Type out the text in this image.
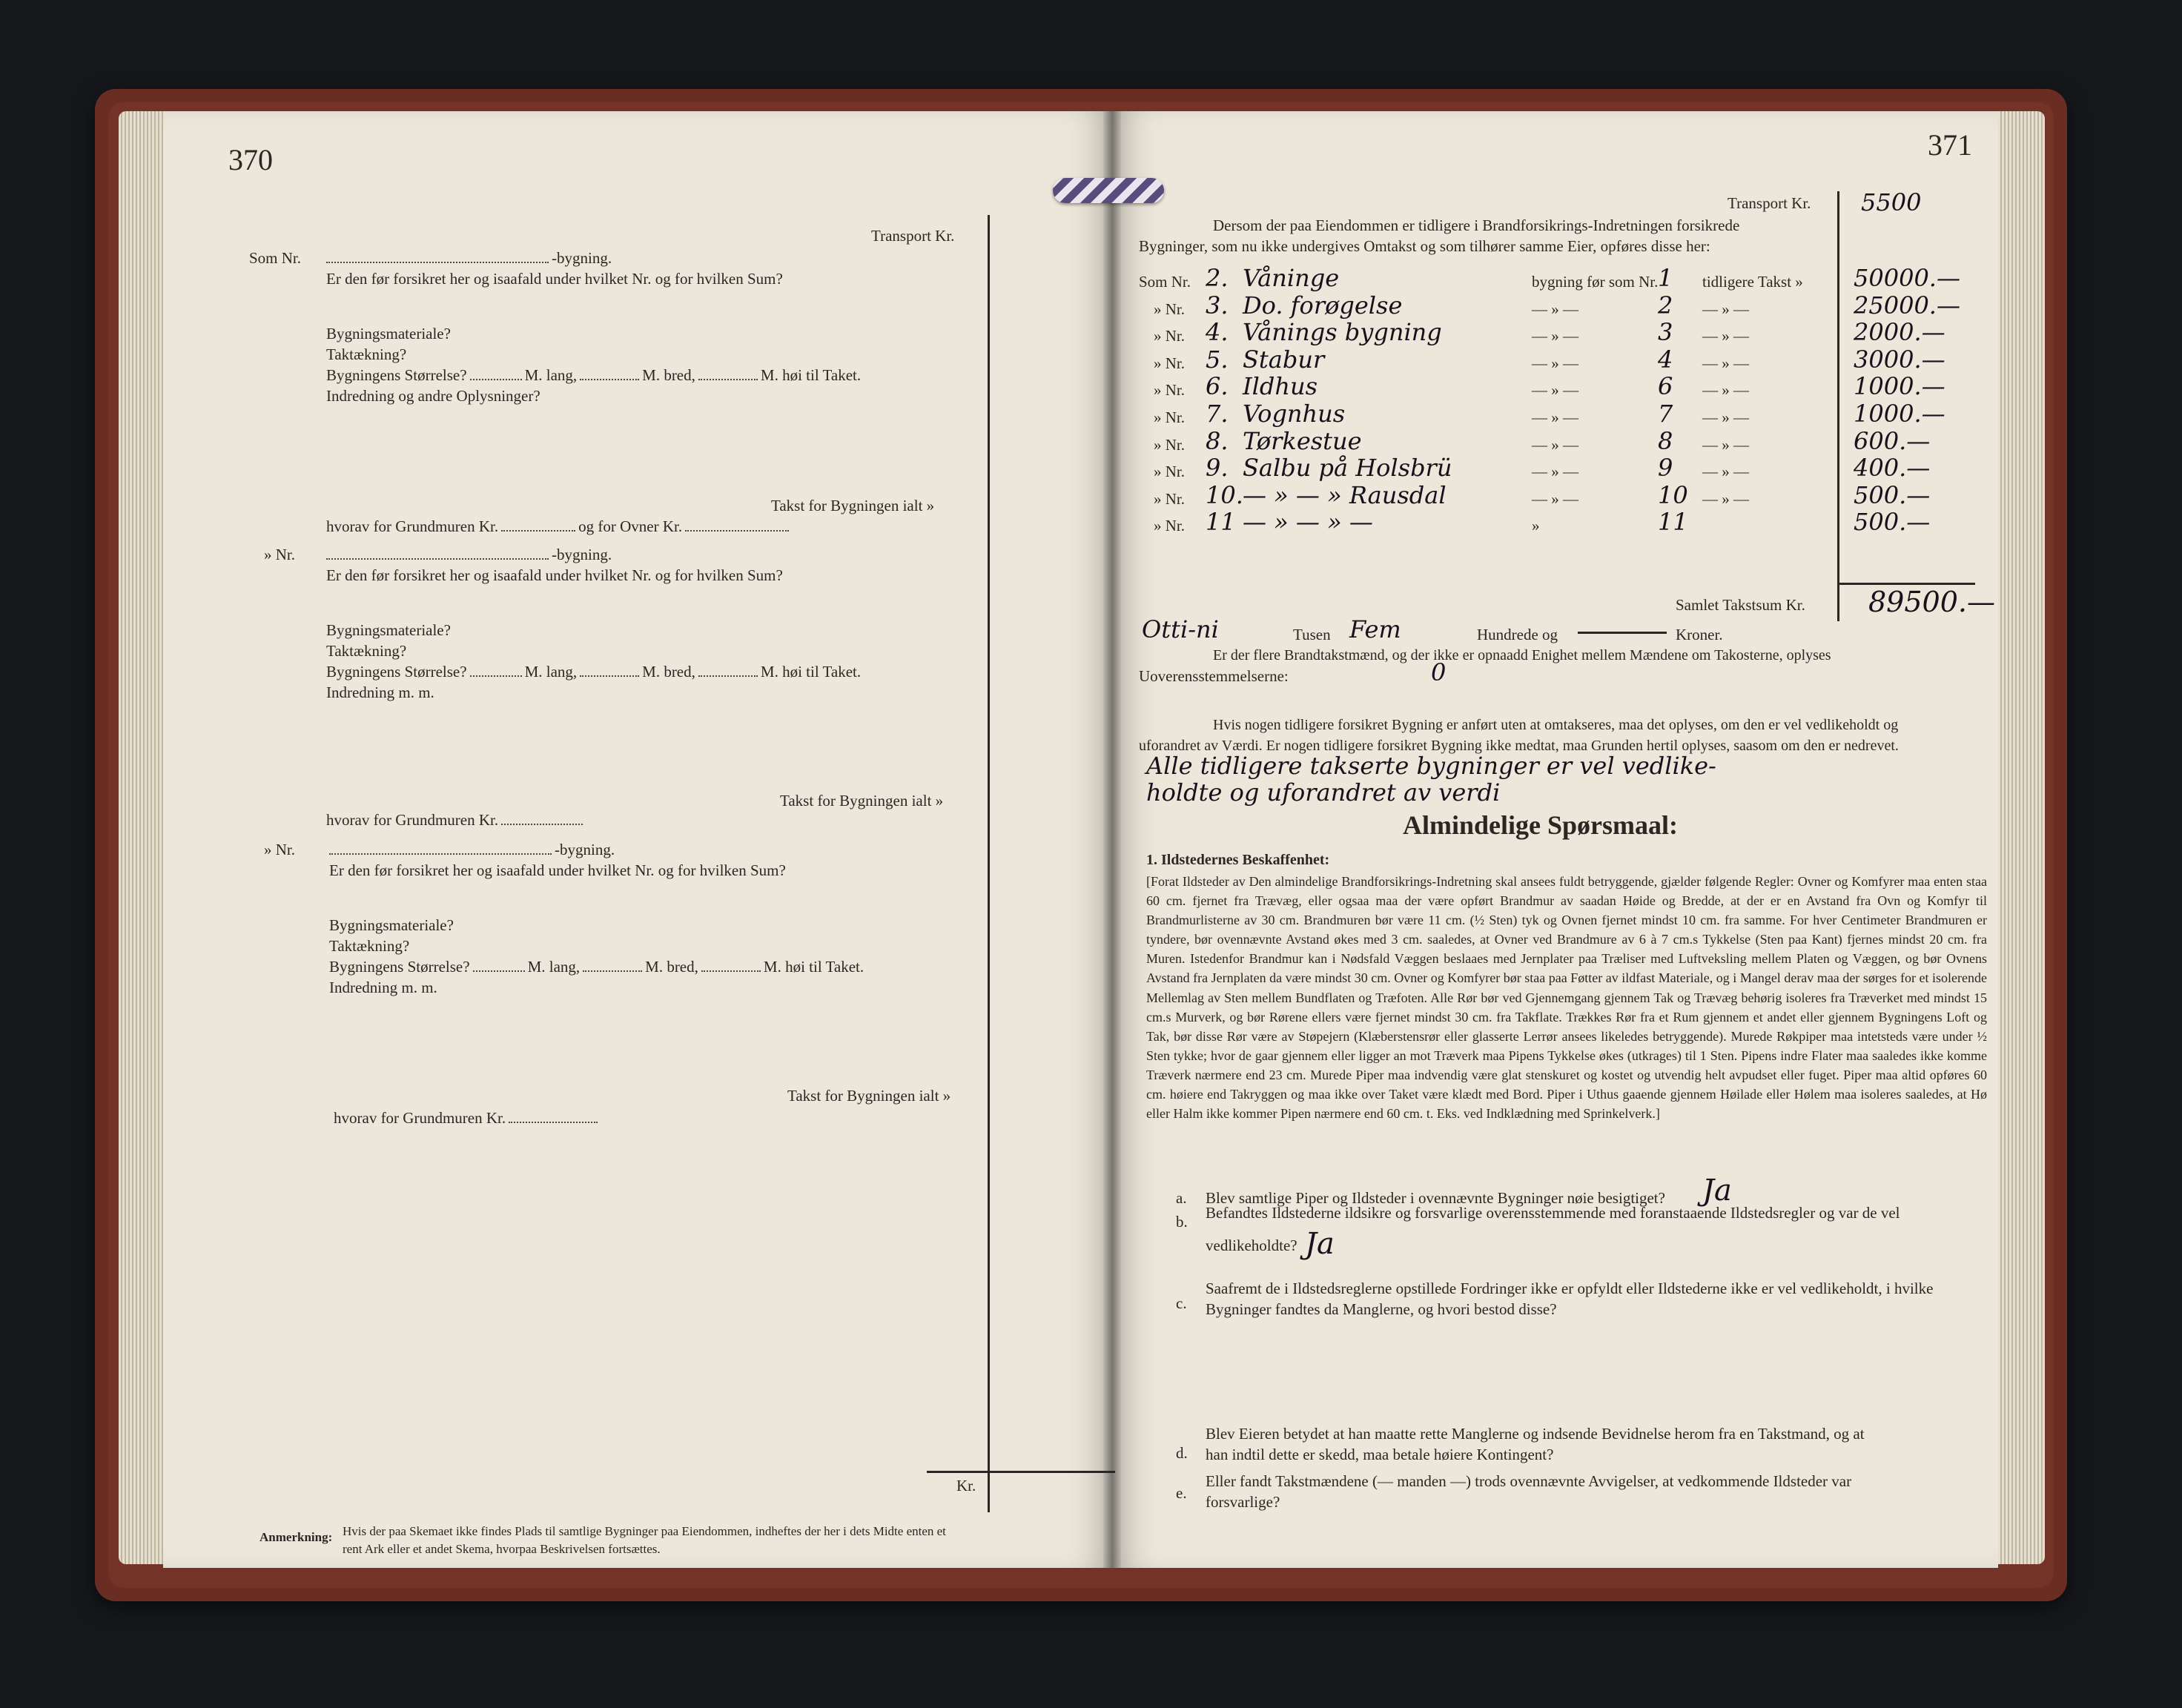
370
Transport Kr.
Som Nr.	-bygning.
Er den før forsikret her og isaafald under hvilket Nr. og for hvilken Sum?
Bygningsmateriale?
Taktækning?
Bygningens Størrelse?	M. lang,	M. bred,	M. høi til Taket.
Indredning og andre Oplysninger?
Takst for Bygningen ialt »
hvorav for Grundmuren Kr.	og for Ovner Kr.
» Nr.	-bygning.
Er den før forsikret her og isaafald under hvilket Nr. og for hvilken Sum?
Bygningsmateriale?
Taktækning?
Bygningens Størrelse?	M. lang,	M. bred,	M. høi til Taket.
Indredning m. m.
Takst for Bygningen ialt »
hvorav for Grundmuren Kr.
» Nr.	-bygning.
Er den før forsikret her og isaafald under hvilket Nr. og for hvilken Sum?
Bygningsmateriale?
Taktækning?
Bygningens Størrelse?	M. lang,	M. bred,	M. høi til Taket.
Indredning m. m.
Takst for Bygningen ialt »
hvorav for Grundmuren Kr.
Kr.
Anmerkning: Hvis der paa Skemaet ikke findes Plads til samtlige Bygninger paa Eiendommen, indheftes der her i dets Midte enten et
rent Ark eller et andet Skema, hvorpaa Beskrivelsen fortsættes.
371
Transport Kr. 5500
Dersom der paa Eiendommen er tidligere i Brandforsikrings-Indretningen forsikrede
Bygninger, som nu ikke undergives Omtakst og som tilhører samme Eier, opføres disse her:
Samlet Takstsum Kr. 89500.—
Otti-ni	Tusen Fem	Hundrede og	Kroner.
Er der flere Brandtakstmænd, og der ikke er opnaadd Enighet mellem Mændene om Takosterne, oplyses
Uoverensstemmelserne:	0
Hvis nogen tidligere forsikret Bygning er anført uten at omtakseres, maa det oplyses, om den er vel vedlikeholdt og
uforandret av Værdi. Er nogen tidligere forsikret Bygning ikke medtat, maa Grunden hertil oplyses, saasom om den er nedrevet.
Alle tidligere takserte bygninger er vel vedlike-
holdte og uforandret av verdi
Almindelige Spørsmaal:
1. Ildstedernes Beskaffenhet:
[Forat Ildsteder av Den almindelige Brandforsikrings-Indretning skal ansees fuldt betryggende, gjælder følgende Regler: Ovner og Komfyrer maa enten staa 60 cm. fjernet fra Trævæg, eller ogsaa maa der være opført Brandmur av saadan Høide og Bredde, at der er en Avstand fra Ovn og Komfyr til Brandmurlisterne av 30 cm. Brandmuren bør være 11 cm. (½ Sten) tyk og Ovnen fjernet mindst 10 cm. fra samme. For hver Centimeter Brandmuren er tyndere, bør ovennævnte Avstand økes med 3 cm. saaledes, at Ovner ved Brandmure av 6 à 7 cm.s Tykkelse (Sten paa Kant) fjernes mindst 20 cm. fra Muren. Istedenfor Brandmur kan i Nødsfald Væggen beslaaes med Jernplater paa Træliser med Luftveksling mellem Platen og Væggen, og bør Ovnens Avstand fra Jernplaten da være mindst 30 cm. Ovner og Komfyrer bør staa paa Føtter av ildfast Materiale, og i Mangel derav maa der sørges for et isolerende Mellemlag av Sten mellem Bundflaten og Træfoten. Alle Rør bør ved Gjennemgang gjennem Tak og Trævæg behørig isoleres fra Træverket med mindst 15 cm.s Murverk, og bør Rørene ellers være fjernet mindst 30 cm. fra Takflate. Trækkes Rør fra et Rum gjennem et andet eller gjennem Bygningens Loft og Tak, bør disse Rør være av Støpejern (Klæberstensrør eller glasserte Lerrør ansees likeledes betryggende). Murede Røkpiper maa intetsteds være under ½ Sten tykke; hvor de gaar gjennem eller ligger an mot Træverk maa Pipens Tykkelse økes (utkrages) til 1 Sten. Pipens indre Flater maa saaledes ikke komme Træverk nærmere end 23 cm. Murede Piper maa indvendig være glat stenskuret og kostet og utvendig helt avpudset eller fuget. Piper maa altid opføres 60 cm. høiere end Takryggen og maa ikke over Taket være klædt med Bord. Piper i Uthus gaaende gjennem Høilade eller Hølem maa isoleres saaledes, at Hø eller Halm ikke kommer Pipen nærmere end 60 cm. t. Eks. ved Indklædning med Sprinkelverk.]
a. Blev samtlige Piper og Ildsteder i ovennævnte Bygninger nøie besigtiget? Ja
b. Befandtes Ildstederne ildsikre og forsvarlige overensstemmende med foranstaaende Ildstedsregler og var de vel
vedlikeholdte? Ja
c.
Saafremt de i Ildstedsreglerne opstillede Fordringer ikke er opfyldt eller Ildstederne ikke er vel vedlikeholdt, i hvilke
Bygninger fandtes da Manglerne, og hvori bestod disse?
d.
Blev Eieren betydet at han maatte rette Manglerne og indsende Bevidnelse herom fra en Takstmand, og at
han indtil dette er skedd, maa betale høiere Kontingent?
e.
Eller fandt Takstmændene (— manden —) trods ovennævnte Avvigelser, at vedkommende Ildsteder var
forsvarlige?
Som Nr. 2. Våninge	bygning før som Nr. 1 tidligere Takst » 50000.—
» Nr. 3. Do. forøgelse	— » —	2 — » —	25000.—
» Nr. 4. Vånings bygning	— » —	3 — » —	2000.—
» Nr. 5. Stabur	— » —	4 — » —	3000.—
» Nr. 6. Ildhus	— » —	6 — » —	1000.—
» Nr. 7. Vognhus	— » —	7 — » —	1000.—
» Nr. 8. Tørkestue	— » —	8 — » —	600.—
» Nr. 9. Salbu på Holsbrü	— » —	9 — » —	400.—
» Nr. 10. — » — » Rausdal	— » —	10 — » —	500.—
» Nr. 11 — » — » —	»	11	500.—
